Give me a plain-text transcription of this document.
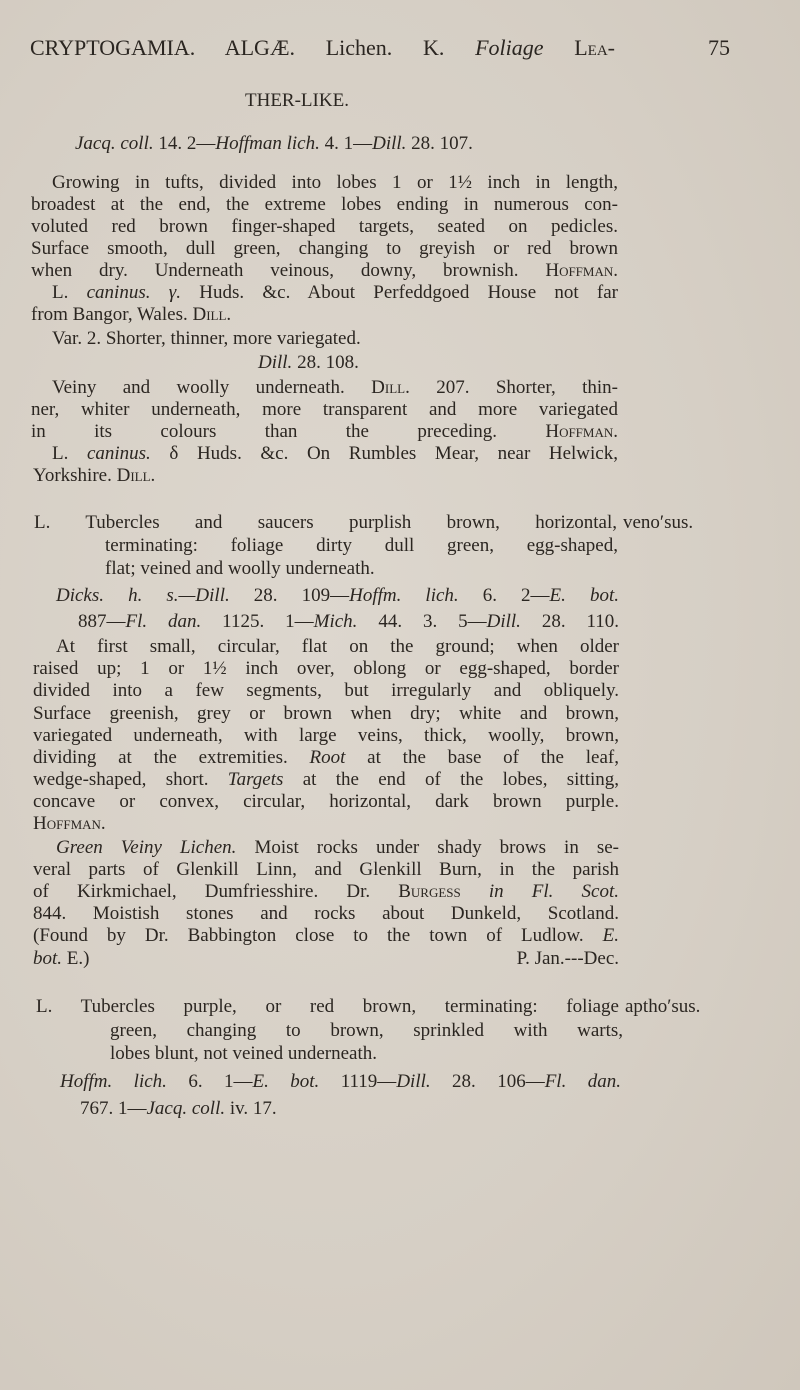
75
CRYPTOGAMIA. ALGÆ. Lichen. K. Foliage Lea-
THER-LIKE.
Jacq. coll. 14. 2—Hoffman lich. 4. 1—Dill. 28. 107.
Growing in tufts, divided into lobes 1 or 1½ inch in length,
broadest at the end, the extreme lobes ending in numerous con-
voluted red brown finger-shaped targets, seated on pedicles.
Surface smooth, dull green, changing to greyish or red brown
when dry. Underneath veinous, downy, brownish. Hoffman.
L. caninus. γ. Huds. &c. About Perfeddgoed House not far
from Bangor, Wales. Dill.
Var. 2. Shorter, thinner, more variegated.
Dill. 28. 108.
Veiny and woolly underneath. Dill. 207. Shorter, thin-
ner, whiter underneath, more transparent and more variegated
in its colours than the preceding. Hoffman.
L. caninus. δ Huds. &c. On Rumbles Mear, near Helwick,
Yorkshire. Dill.
L. Tubercles and saucers purplish brown, horizontal, veno′sus.
terminating: foliage dirty dull green, egg-shaped,
flat; veined and woolly underneath.
Dicks. h. s.—Dill. 28. 109—Hoffm. lich. 6. 2—E. bot.
887—Fl. dan. 1125. 1—Mich. 44. 3. 5—Dill. 28. 110.
At first small, circular, flat on the ground; when older
raised up; 1 or 1½ inch over, oblong or egg-shaped, border
divided into a few segments, but irregularly and obliquely.
Surface greenish, grey or brown when dry; white and brown,
variegated underneath, with large veins, thick, woolly, brown,
dividing at the extremities. Root at the base of the leaf,
wedge-shaped, short. Targets at the end of the lobes, sitting,
concave or convex, circular, horizontal, dark brown purple.
Hoffman.
Green Veiny Lichen. Moist rocks under shady brows in se-
veral parts of Glenkill Linn, and Glenkill Burn, in the parish
of Kirkmichael, Dumfriesshire. Dr. Burgess in Fl. Scot.
844. Moistish stones and rocks about Dunkeld, Scotland.
(Found by Dr. Babbington close to the town of Ludlow. E.
bot. E.)	P. Jan.---Dec.
L. Tubercles purple, or red brown, terminating: foliage aptho′sus.
green, changing to brown, sprinkled with warts,
lobes blunt, not veined underneath.
Hoffm. lich. 6. 1—E. bot. 1119—Dill. 28. 106—Fl. dan.
767. 1—Jacq. coll. iv. 17.
